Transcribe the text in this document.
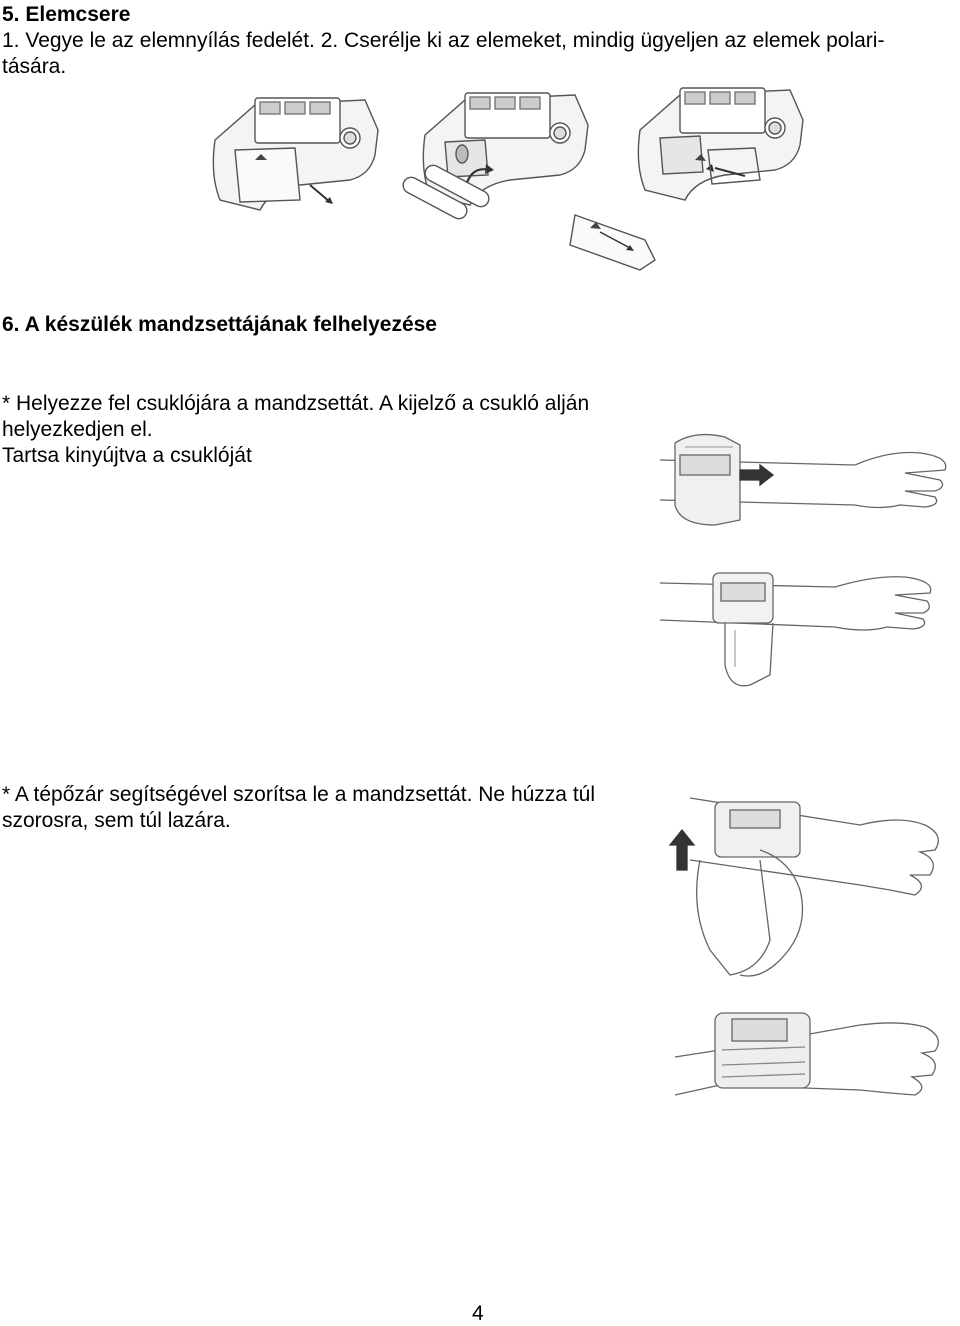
5. Elemcsere
1. Vegye le az elemnyílás fedelét. 2. Cserélje ki az elemeket, mindig ügyeljen az elemek polari-
tására.
6. A készülék mandzsettájának felhelyezése
* Helyezze fel csuklójára a mandzsettát. A kijelző a csukló alján
helyezkedjen el.
Tartsa kinyújtva a csuklóját
* A tépőzár segítségével szorítsa le a mandzsettát. Ne húzza túl
szorosra, sem túl lazára.
4
